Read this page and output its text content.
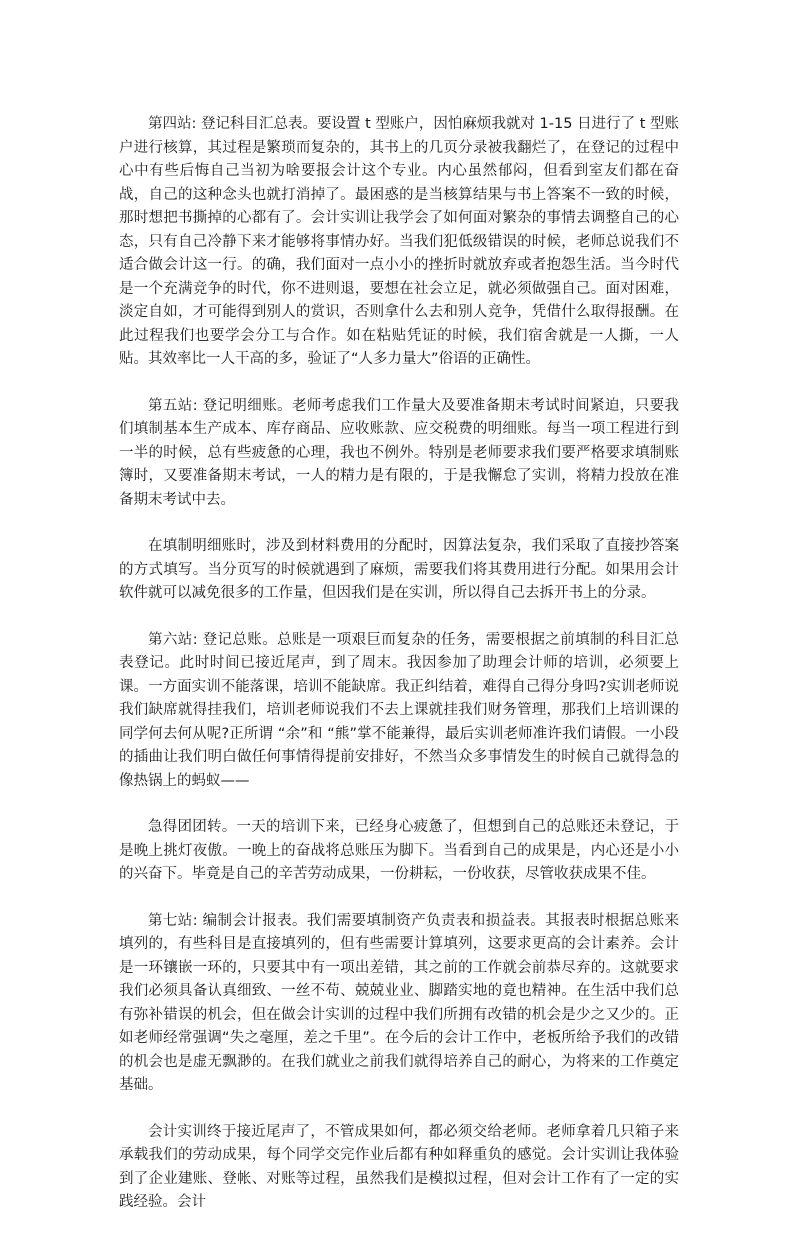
第四站: 登记科目汇总表。要设置 t 型账户，因怕麻烦我就对 1-15 日进行了 t 型账户进行核算，其过程是繁琐而复杂的，其书上的几页分录被我翻烂了，在登记的过程中心中有些后悔自己当初为啥要报会计这个专业。内心虽然郁闷，但看到室友们都在奋战，自己的这种念头也就打消掉了。最困惑的是当核算结果与书上答案不一致的时候，那时想把书撕掉的心都有了。会计实训让我学会了如何面对繁杂的事情去调整自己的心态，只有自己冷静下来才能够将事情办好。当我们犯低级错误的时候，老师总说我们不适合做会计这一行。的确，我们面对一点小小的挫折时就放弃或者抱怨生活。当今时代是一个充满竞争的时代，你不进则退，要想在社会立足，就必须做强自己。面对困难，淡定自如，才可能得到别人的赏识，否则拿什么去和别人竞争，凭借什么取得报酬。在此过程我们也要学会分工与合作。如在粘贴凭证的时候，我们宿舍就是一人撕，一人贴。其效率比一人干高的多，验证了“人多力量大”俗语的正确性。

第五站: 登记明细账。老师考虑我们工作量大及要准备期末考试时间紧迫，只要我们填制基本生产成本、库存商品、应收账款、应交税费的明细账。每当一项工程进行到一半的时候，总有些疲惫的心理，我也不例外。特别是老师要求我们要严格要求填制账簿时，又要准备期末考试，一人的精力是有限的，于是我懈怠了实训，将精力投放在准备期末考试中去。

在填制明细账时，涉及到材料费用的分配时，因算法复杂，我们采取了直接抄答案的方式填写。当分页写的时候就遇到了麻烦，需要我们将其费用进行分配。如果用会计软件就可以减免很多的工作量，但因我们是在实训，所以得自己去拆开书上的分录。

第六站: 登记总账。总账是一项艰巨而复杂的任务，需要根据之前填制的科目汇总表登记。此时时间已接近尾声，到了周末。我因参加了助理会计师的培训，必须要上课。一方面实训不能落课，培训不能缺席。我正纠结着，难得自己得分身吗?实训老师说我们缺席就得挂我们，培训老师说我们不去上课就挂我们财务管理，那我们上培训课的同学何去何从呢?正所谓 “余”和 “熊”掌不能兼得，最后实训老师准许我们请假。一小段的插曲让我们明白做任何事情得提前安排好，不然当众多事情发生的时候自己就得急的像热锅上的蚂蚁——

急得团团转。一天的培训下来，已经身心疲惫了，但想到自己的总账还未登记，于是晚上挑灯夜傲。一晚上的奋战将总账压为脚下。当看到自己的成果是，内心还是小小的兴奋下。毕竟是自己的辛苦劳动成果，一份耕耘，一份收获，尽管收获成果不佳。

第七站: 编制会计报表。我们需要填制资产负责表和损益表。其报表时根据总账来填列的，有些科目是直接填列的，但有些需要计算填列，这要求更高的会计素养。会计是一环镶嵌一环的，只要其中有一项出差错，其之前的工作就会前恭尽弃的。这就要求我们必须具备认真细致、一丝不苟、兢兢业业、脚踏实地的竟也精神。在生活中我们总有弥补错误的机会，但在做会计实训的过程中我们所拥有改错的机会是少之又少的。正如老师经常强调“失之毫厘，差之千里”。在今后的会计工作中，老板所给予我们的改错的机会也是虚无飘渺的。在我们就业之前我们就得培养自己的耐心，为将来的工作奠定基础。

会计实训终于接近尾声了，不管成果如何，都必须交给老师。老师拿着几只箱子来承载我们的劳动成果，每个同学交完作业后都有种如释重负的感觉。会计实训让我体验到了企业建账、登帐、对账等过程，虽然我们是模拟过程，但对会计工作有了一定的实践经验。会计
